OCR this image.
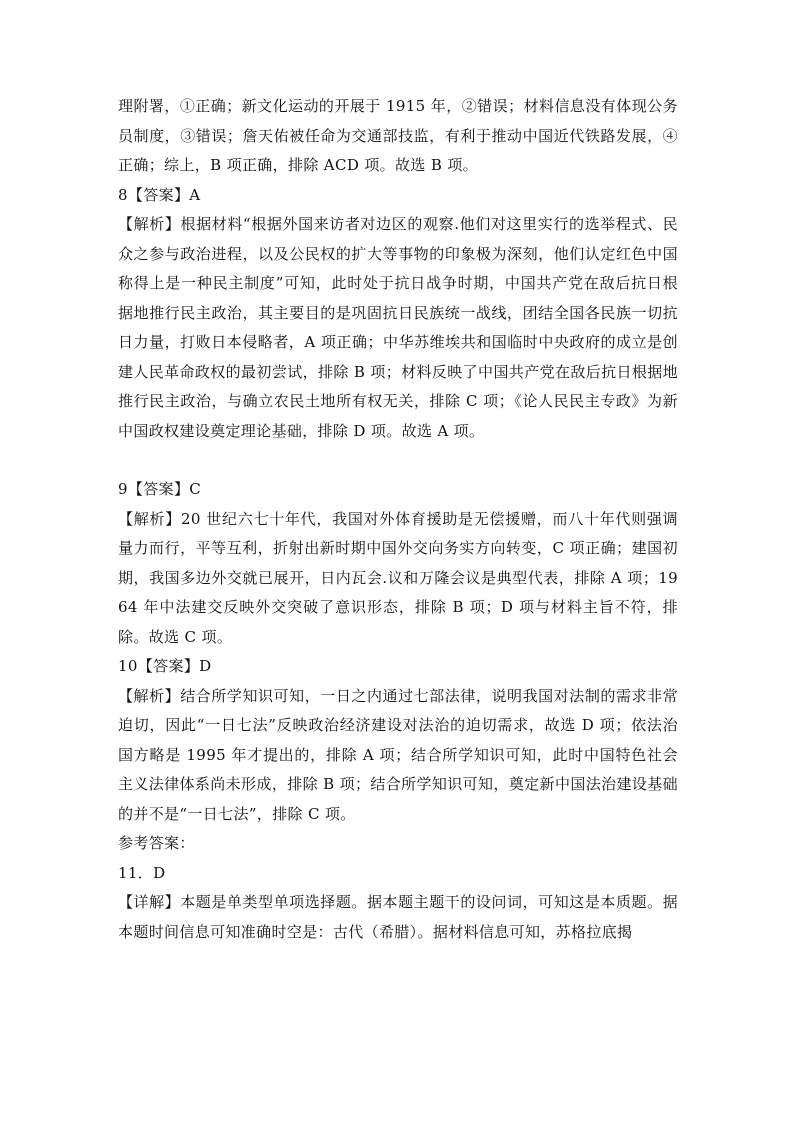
理附署，①正确；新文化运动的开展于 1915 年，②错误；材料信息没有体现公务员制度，③错误；詹天佑被任命为交通部技监，有利于推动中国近代铁路发展，④正确；综上，B 项正确，排除 ACD 项。故选 B 项。

8【答案】A

【解析】根据材料“根据外国来访者对边区的观察.他们对这里实行的选举程式、民众之参与政治进程，以及公民权的扩大等事物的印象极为深刻，他们认定红色中国称得上是一种民主制度”可知，此时处于抗日战争时期，中国共产党在敌后抗日根据地推行民主政治，其主要目的是巩固抗日民族统一战线，团结全国各民族一切抗日力量，打败日本侵略者，A 项正确；中华苏维埃共和国临时中央政府的成立是创建人民革命政权的最初尝试，排除 B 项；材料反映了中国共产党在敌后抗日根据地推行民主政治，与确立农民土地所有权无关，排除 C 项；《论人民民主专政》为新中国政权建设奠定理论基础，排除 D 项。故选 A 项。

9【答案】C

【解析】20 世纪六七十年代，我国对外体育援助是无偿援赠，而八十年代则强调量力而行，平等互利，折射出新时期中国外交向务实方向转变，C 项正确；建国初期，我国多边外交就已展开，日内瓦会.议和万隆会议是典型代表，排除 A 项；1964 年中法建交反映外交突破了意识形态，排除 B 项；D 项与材料主旨不符，排除。故选 C 项。

10【答案】D

【解析】结合所学知识可知，一日之内通过七部法律，说明我国对法制的需求非常迫切，因此“一日七法”反映政治经济建设对法治的迫切需求，故选 D 项；依法治国方略是 1995 年才提出的，排除 A 项；结合所学知识可知，此时中国特色社会主义法律体系尚未形成，排除 B 项；结合所学知识可知，奠定新中国法治建设基础的并不是“一日七法”，排除 C 项。

参考答案：

11．D

【详解】本题是单类型单项选择题。据本题主题干的设问词，可知这是本质题。据本题时间信息可知准确时空是：古代（希腊）。据材料信息可知，苏格拉底揭
